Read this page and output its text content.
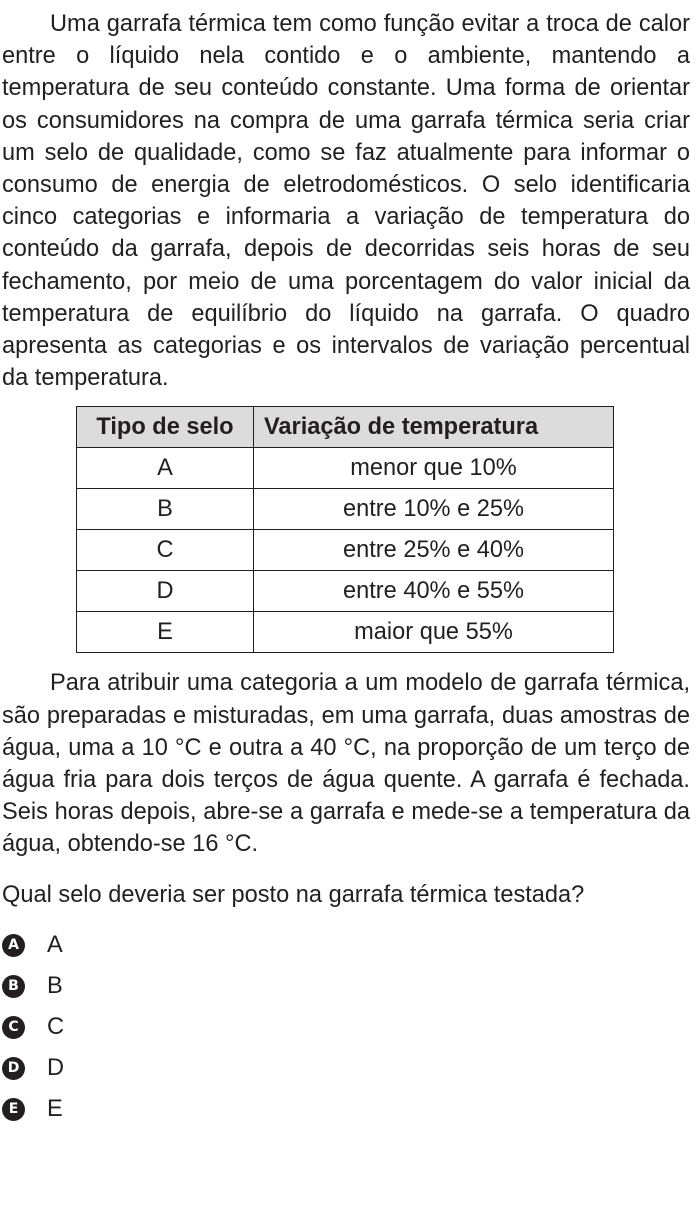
Uma garrafa térmica tem como função evitar a troca de calor entre o líquido nela contido e o ambiente, mantendo a temperatura de seu conteúdo constante. Uma forma de orientar os consumidores na compra de uma garrafa térmica seria criar um selo de qualidade, como se faz atualmente para informar o consumo de energia de eletrodomésticos. O selo identificaria cinco categorias e informaria a variação de temperatura do conteúdo da garrafa, depois de decorridas seis horas de seu fechamento, por meio de uma porcentagem do valor inicial da temperatura de equilíbrio do líquido na garrafa. O quadro apresenta as categorias e os intervalos de variação percentual da temperatura.

Tipo de selo	Variação de temperatura
A	menor que 10%
B	entre 10% e 25%
C	entre 25% e 40%
D	entre 40% e 55%
E	maior que 55%

Para atribuir uma categoria a um modelo de garrafa térmica, são preparadas e misturadas, em uma garrafa, duas amostras de água, uma a 10 °C e outra a 40 °C, na proporção de um terço de água fria para dois terços de água quente. A garrafa é fechada. Seis horas depois, abre-se a garrafa e mede-se a temperatura da água, obtendo-se 16 °C.

Qual selo deveria ser posto na garrafa térmica testada?

A A
B B
C C
D D
E E
